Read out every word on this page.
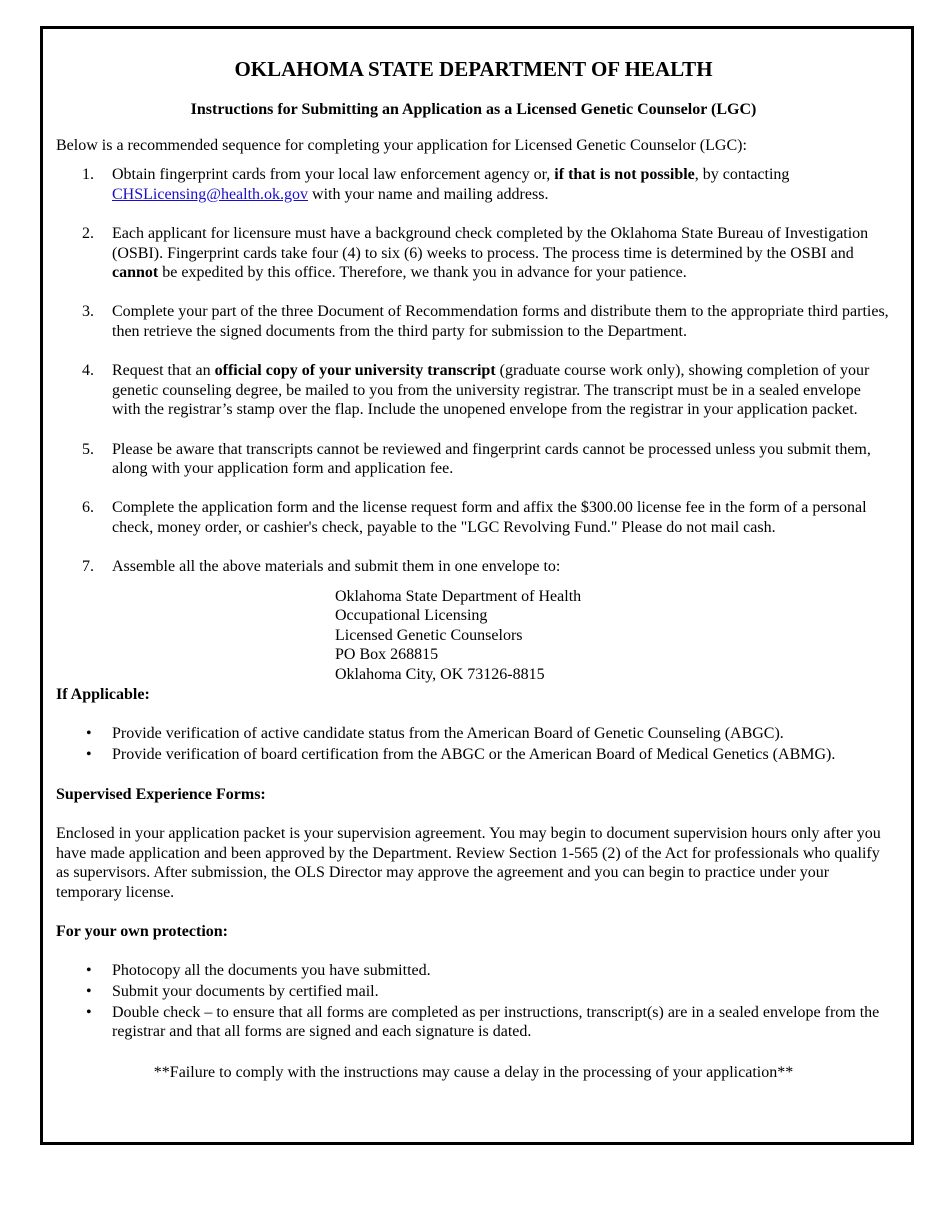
OKLAHOMA STATE DEPARTMENT OF HEALTH
Instructions for Submitting an Application as a Licensed Genetic Counselor (LGC)

Below is a recommended sequence for completing your application for Licensed Genetic Counselor (LGC):

1. Obtain fingerprint cards from your local law enforcement agency or, if that is not possible, by contacting
CHSLicensing@health.ok.gov with your name and mailing address.
2. Each applicant for licensure must have a background check completed by the Oklahoma State Bureau of Investigation (OSBI). Fingerprint cards take four (4) to six (6) weeks to process. The process time is determined by the OSBI and cannot be expedited by this office. Therefore, we thank you in advance for your patience.
3. Complete your part of the three Document of Recommendation forms and distribute them to the appropriate third parties, then retrieve the signed documents from the third party for submission to the Department.
4. Request that an official copy of your university transcript (graduate course work only), showing completion of your genetic counseling degree, be mailed to you from the university registrar. The transcript must be in a sealed envelope with the registrar’s stamp over the flap. Include the unopened envelope from the registrar in your application packet.
5. Please be aware that transcripts cannot be reviewed and fingerprint cards cannot be processed unless you submit them, along with your application form and application fee.
6. Complete the application form and the license request form and affix the $300.00 license fee in the form of a personal check, money order, or cashier's check, payable to the "LGC Revolving Fund." Please do not mail cash.
7. Assemble all the above materials and submit them in one envelope to:
Oklahoma State Department of Health
Occupational Licensing
Licensed Genetic Counselors
PO Box 268815
Oklahoma City, OK 73126-8815

If Applicable:

• Provide verification of active candidate status from the American Board of Genetic Counseling (ABGC).
• Provide verification of board certification from the ABGC or the American Board of Medical Genetics (ABMG).

Supervised Experience Forms:

Enclosed in your application packet is your supervision agreement. You may begin to document supervision hours only after you have made application and been approved by the Department. Review Section 1-565 (2) of the Act for professionals who qualify as supervisors. After submission, the OLS Director may approve the agreement and you can begin to practice under your temporary license.

For your own protection:

• Photocopy all the documents you have submitted.
• Submit your documents by certified mail.
• Double check – to ensure that all forms are completed as per instructions, transcript(s) are in a sealed envelope from the registrar and that all forms are signed and each signature is dated.

**Failure to comply with the instructions may cause a delay in the processing of your application**
